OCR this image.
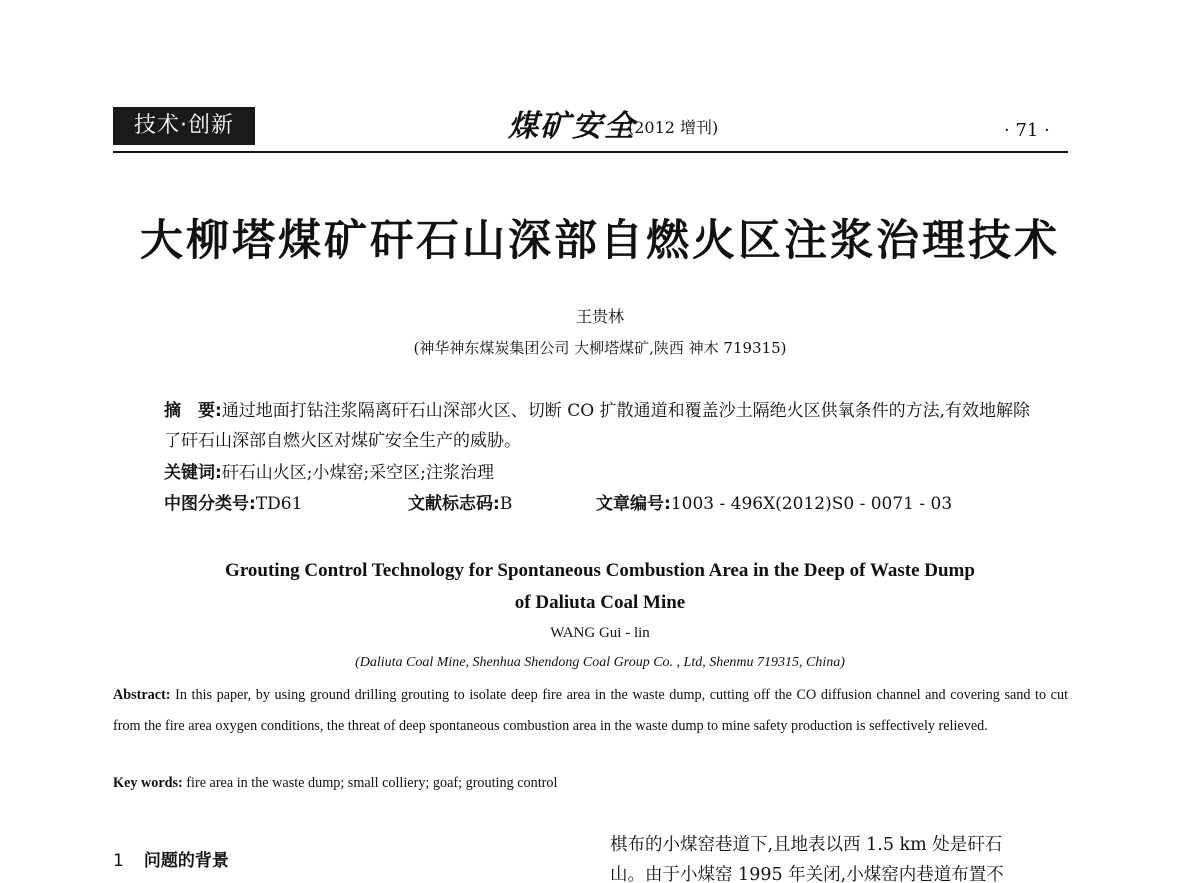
技术·创新	煤矿安全
(2012 增刊)	· 71 ·
大柳塔煤矿矸石山深部自燃火区注浆治理技术
王贵林
(神华神东煤炭集团公司 大柳塔煤矿,陕西 神木 719315)
摘　要:通过地面打钻注浆隔离矸石山深部火区、切断 CO 扩散通道和覆盖沙土隔绝火区供氧条件的方法,有效地解除了矸石山深部自燃火区对煤矿安全生产的威胁。
关键词:矸石山火区;小煤窑;采空区;注浆治理
中图分类号:TD61	文献标志码:B	文章编号:1003 - 496X(2012)S0 - 0071 - 03
Grouting Control Technology for Spontaneous Combustion Area in the Deep of Waste Dump
of Daliuta Coal Mine
WANG Gui - lin
(Daliuta Coal Mine, Shenhua Shendong Coal Group Co. , Ltd, Shenmu 719315, China)
Abstract: In this paper, by using ground drilling grouting to isolate deep fire area in the waste dump, cutting off the CO diffusion channel and covering sand to cut from the fire area oxygen conditions, the threat of deep spontaneous combustion area in the waste dump to mine safety production is seffectively relieved.
Key words: fire area in the waste dump; small colliery; goaf; grouting control
1 问题的背景
棋布的小煤窑巷道下,且地表以西 1.5 km 处是矸石
山。由于小煤窑 1995 年关闭,小煤窑内巷道布置不
